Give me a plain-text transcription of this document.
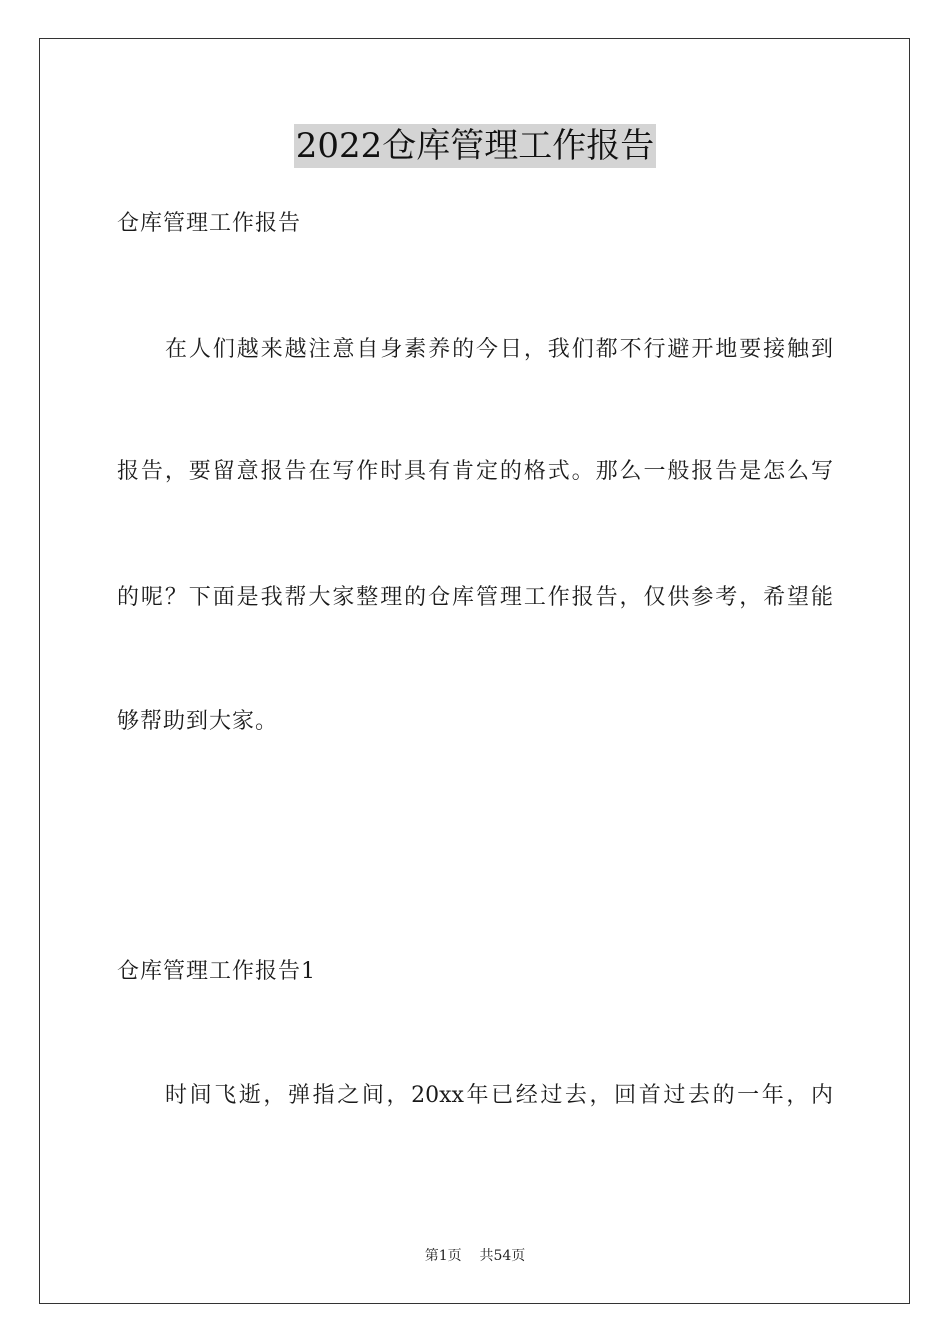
2022仓库管理工作报告
仓库管理工作报告
在人们越来越注意自身素养的今日，我们都不行避开地要接触到
报告，要留意报告在写作时具有肯定的格式。那么一般报告是怎么写
的呢？下面是我帮大家整理的仓库管理工作报告，仅供参考，希望能
够帮助到大家。
仓库管理工作报告1
时间飞逝，弹指之间，20xx年已经过去，回首过去的一年，内
第1页    共54页
